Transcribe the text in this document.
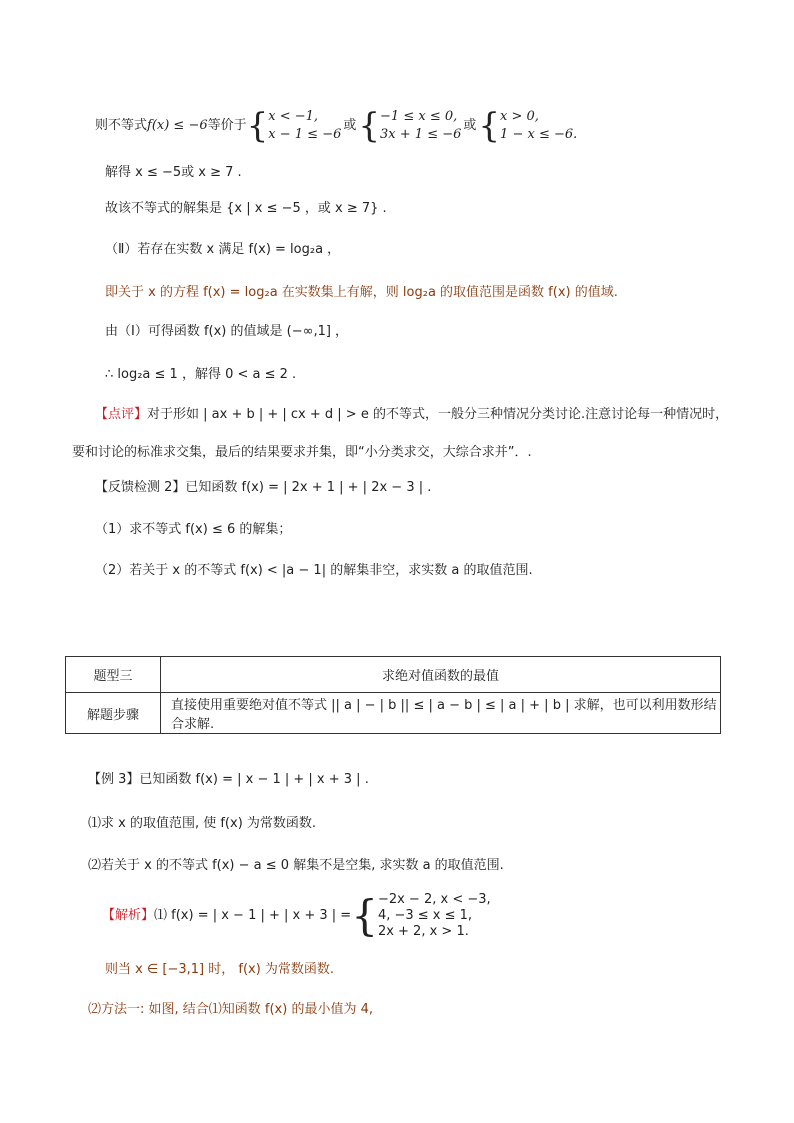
则不等式f(x) ≤ −6等价于{ x < −1,
x − 1 ≤ −6
或{ −1 ≤ x ≤ 0,
3x + 1 ≤ −6
或{ x > 0,
1 − x ≤ −6.
解得 x ≤ −5或 x ≥ 7 .
故该不等式的解集是 {x | x ≤ −5 ，或 x ≥ 7} .
（Ⅱ）若存在实数 x 满足 f(x) = log₂a ，
即关于 x 的方程 f(x) = log₂a 在实数集上有解，则 log₂a 的取值范围是函数 f(x) 的值域.
由（Ⅰ）可得函数 f(x) 的值域是 (−∞,1] ，
∴ log₂a ≤ 1 ，解得 0 < a ≤ 2 .
【点评】对于形如 | ax + b | + | cx + d | > e 的不等式，一般分三种情况分类讨论.注意讨论每一种情况时，
要和讨论的标准求交集，最后的结果要求并集，即“小分类求交，大综合求并”．.
【反馈检测 2】已知函数 f(x) = | 2x + 1 | + | 2x − 3 | .
（1）求不等式 f(x) ≤ 6 的解集；
（2）若关于 x 的不等式 f(x) < |a − 1| 的解集非空，求实数 a 的取值范围.
题型三	求绝对值函数的最值
解题步骤	直接使用重要绝对值不等式 || a | − | b || ≤ | a − b | ≤ | a | + | b | 求解，也可以利用数形结合求解.
【例 3】已知函数 f(x) = | x − 1 | + | x + 3 | .
⑴求 x 的取值范围, 使 f(x) 为常数函数.
⑵若关于 x 的不等式 f(x) − a ≤ 0 解集不是空集, 求实数 a 的取值范围.
【解析】⑴ f(x) = | x − 1 | + | x + 3 | ={ −2x − 2, x < −3,
4, −3 ≤ x ≤ 1,
2x + 2, x > 1.
则当 x ∈ [−3,1] 时， f(x) 为常数函数.
⑵方法一: 如图, 结合⑴知函数 f(x) 的最小值为 4,
